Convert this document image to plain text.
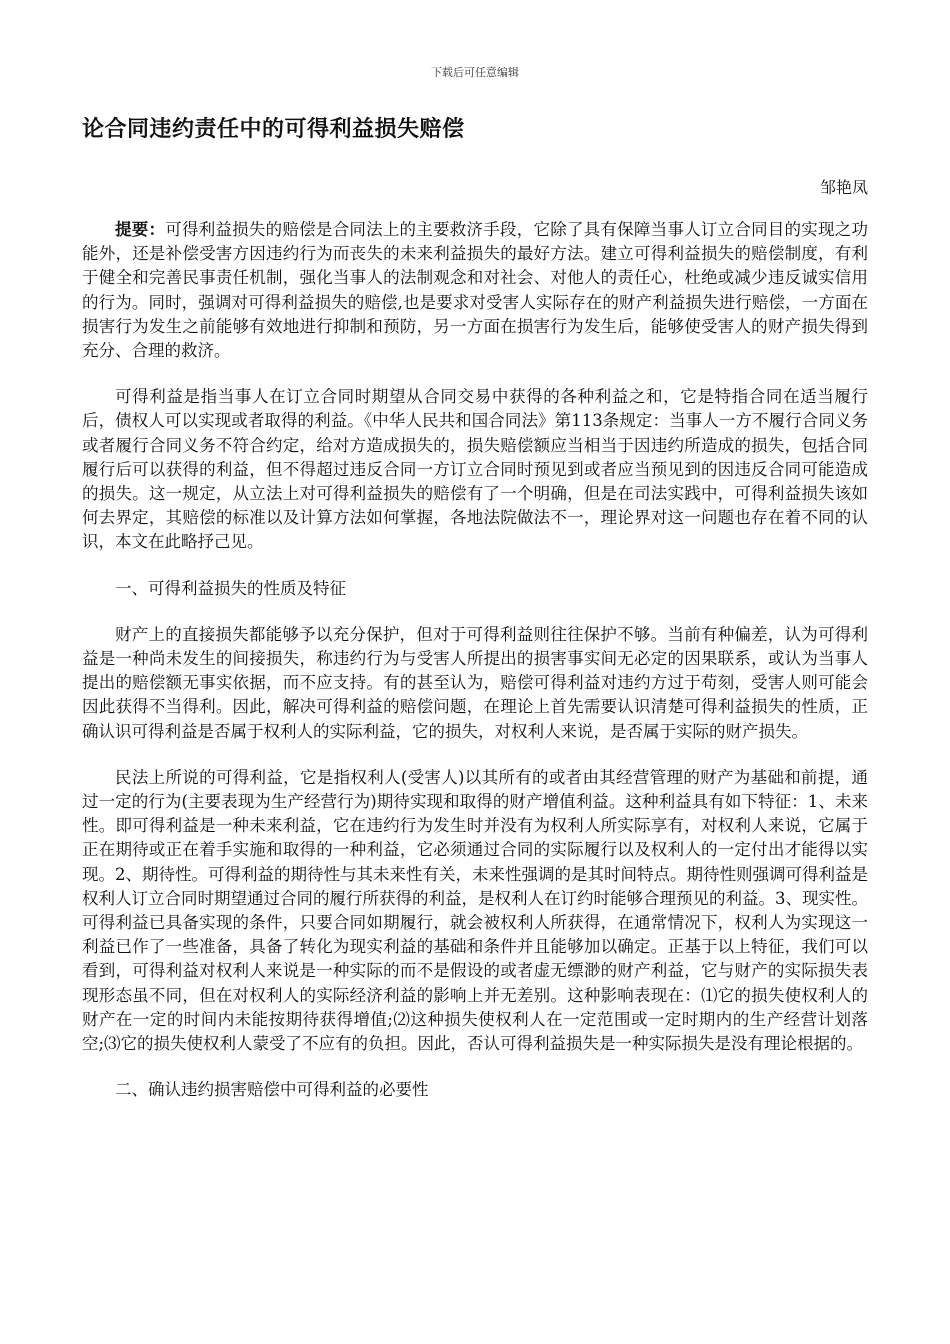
下载后可任意编辑
论合同违约责任中的可得利益损失赔偿
邹艳凤

提要：可得利益损失的赔偿是合同法上的主要救济手段，它除了具有保障当事人订立合同目的实现之功能外，还是补偿受害方因违约行为而丧失的未来利益损失的最好方法。建立可得利益损失的赔偿制度，有利于健全和完善民事责任机制，强化当事人的法制观念和对社会、对他人的责任心，杜绝或减少违反诚实信用的行为。同时，强调对可得利益损失的赔偿,也是要求对受害人实际存在的财产利益损失进行赔偿，一方面在损害行为发生之前能够有效地进行抑制和预防，另一方面在损害行为发生后，能够使受害人的财产损失得到充分、合理的救济。

可得利益是指当事人在订立合同时期望从合同交易中获得的各种利益之和，它是特指合同在适当履行后，债权人可以实现或者取得的利益。《中华人民共和国合同法》第113条规定：当事人一方不履行合同义务或者履行合同义务不符合约定，给对方造成损失的，损失赔偿额应当相当于因违约所造成的损失，包括合同履行后可以获得的利益，但不得超过违反合同一方订立合同时预见到或者应当预见到的因违反合同可能造成的损失。这一规定，从立法上对可得利益损失的赔偿有了一个明确，但是在司法实践中，可得利益损失该如何去界定，其赔偿的标准以及计算方法如何掌握，各地法院做法不一，理论界对这一问题也存在着不同的认识，本文在此略抒己见。

一、可得利益损失的性质及特征

财产上的直接损失都能够予以充分保护，但对于可得利益则往往保护不够。当前有种偏差，认为可得利益是一种尚未发生的间接损失，称违约行为与受害人所提出的损害事实间无必定的因果联系，或认为当事人提出的赔偿额无事实依据，而不应支持。有的甚至认为，赔偿可得利益对违约方过于苟刻，受害人则可能会因此获得不当得利。因此，解决可得利益的赔偿问题，在理论上首先需要认识清楚可得利益损失的性质，正确认识可得利益是否属于权利人的实际利益，它的损失，对权利人来说，是否属于实际的财产损失。

民法上所说的可得利益，它是指权利人(受害人)以其所有的或者由其经营管理的财产为基础和前提，通过一定的行为(主要表现为生产经营行为)期待实现和取得的财产增值利益。这种利益具有如下特征：1、未来性。即可得利益是一种未来利益，它在违约行为发生时并没有为权利人所实际享有，对权利人来说，它属于正在期待或正在着手实施和取得的一种利益，它必须通过合同的实际履行以及权利人的一定付出才能得以实现。2、期待性。可得利益的期待性与其未来性有关，未来性强调的是其时间特点。期待性则强调可得利益是权利人订立合同时期望通过合同的履行所获得的利益，是权利人在订约时能够合理预见的利益。3、现实性。可得利益已具备实现的条件，只要合同如期履行，就会被权利人所获得，在通常情况下，权利人为实现这一利益已作了一些准备，具备了转化为现实利益的基础和条件并且能够加以确定。正基于以上特征，我们可以看到，可得利益对权利人来说是一种实际的而不是假设的或者虚无缥渺的财产利益，它与财产的实际损失表现形态虽不同，但在对权利人的实际经济利益的影响上并无差别。这种影响表现在：⑴它的损失使权利人的财产在一定的时间内未能按期待获得增值;⑵这种损失使权利人在一定范围或一定时期内的生产经营计划落空;⑶它的损失使权利人蒙受了不应有的负担。因此，否认可得利益损失是一种实际损失是没有理论根据的。

二、确认违约损害赔偿中可得利益的必要性
